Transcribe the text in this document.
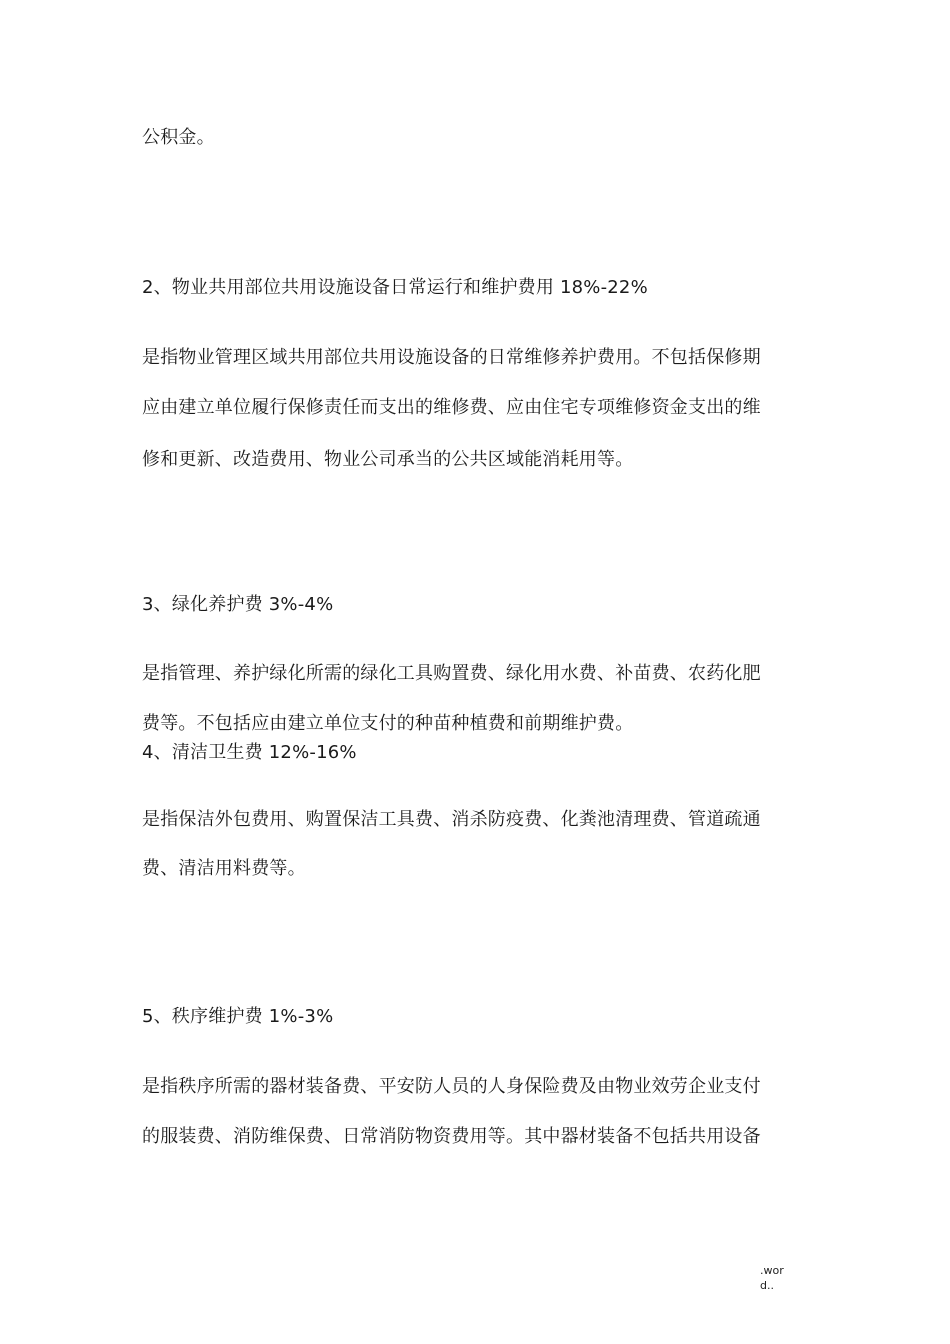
公积金。
2、物业共用部位共用设施设备日常运行和维护费用 18%-22%
是指物业管理区域共用部位共用设施设备的日常维修养护费用。不包括保修期
应由建立单位履行保修责任而支出的维修费、应由住宅专项维修资金支出的维
修和更新、改造费用、物业公司承当的公共区域能消耗用等。
3、绿化养护费 3%-4%
是指管理、养护绿化所需的绿化工具购置费、绿化用水费、补苗费、农药化肥
费等。不包括应由建立单位支付的种苗种植费和前期维护费。
4、清洁卫生费 12%-16%
是指保洁外包费用、购置保洁工具费、消杀防疫费、化粪池清理费、管道疏通
费、清洁用料费等。
5、秩序维护费 1%-3%
是指秩序所需的器材装备费、平安防人员的人身保险费及由物业效劳企业支付
的服装费、消防维保费、日常消防物资费用等。其中器材装备不包括共用设备
.wor
d..
